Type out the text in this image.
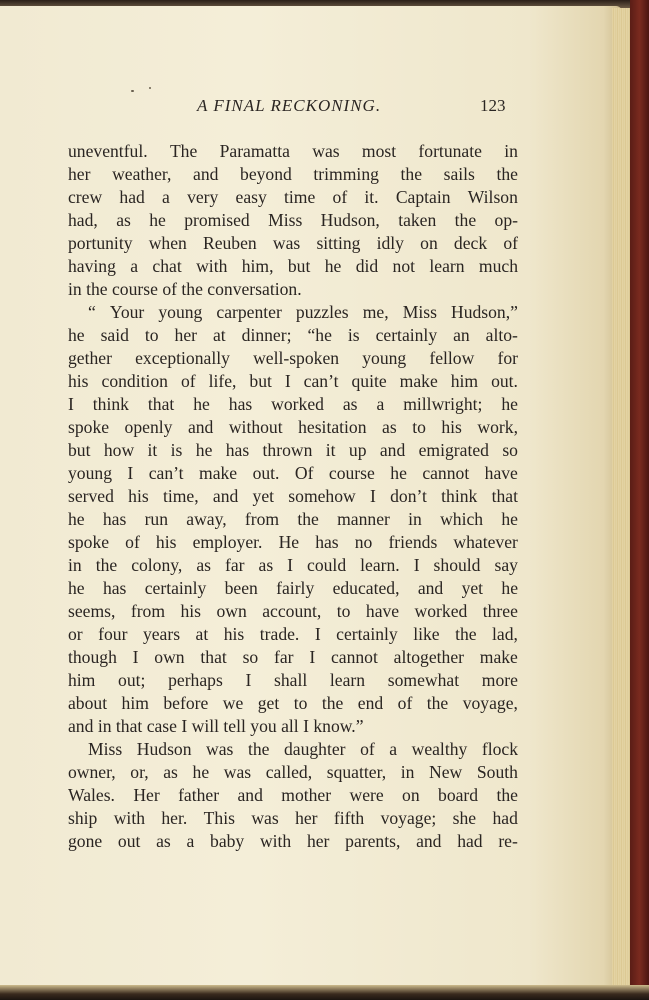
A FINAL RECKONING.	123
uneventful. The Paramatta was most fortunate in
her weather, and beyond trimming the sails the
crew had a very easy time of it. Captain Wilson
had, as he promised Miss Hudson, taken the op-
portunity when Reuben was sitting idly on deck of
having a chat with him, but he did not learn much
in the course of the conversation.
“ Your young carpenter puzzles me, Miss Hudson,”
he said to her at dinner; “he is certainly an alto-
gether exceptionally well-spoken young fellow for
his condition of life, but I can’t quite make him out.
I think that he has worked as a millwright; he
spoke openly and without hesitation as to his work,
but how it is he has thrown it up and emigrated so
young I can’t make out. Of course he cannot have
served his time, and yet somehow I don’t think that
he has run away, from the manner in which he
spoke of his employer. He has no friends whatever
in the colony, as far as I could learn. I should say
he has certainly been fairly educated, and yet he
seems, from his own account, to have worked three
or four years at his trade. I certainly like the lad,
though I own that so far I cannot altogether make
him out; perhaps I shall learn somewhat more
about him before we get to the end of the voyage,
and in that case I will tell you all I know.”
Miss Hudson was the daughter of a wealthy flock
owner, or, as he was called, squatter, in New South
Wales. Her father and mother were on board the
ship with her. This was her fifth voyage; she had
gone out as a baby with her parents, and had re-
